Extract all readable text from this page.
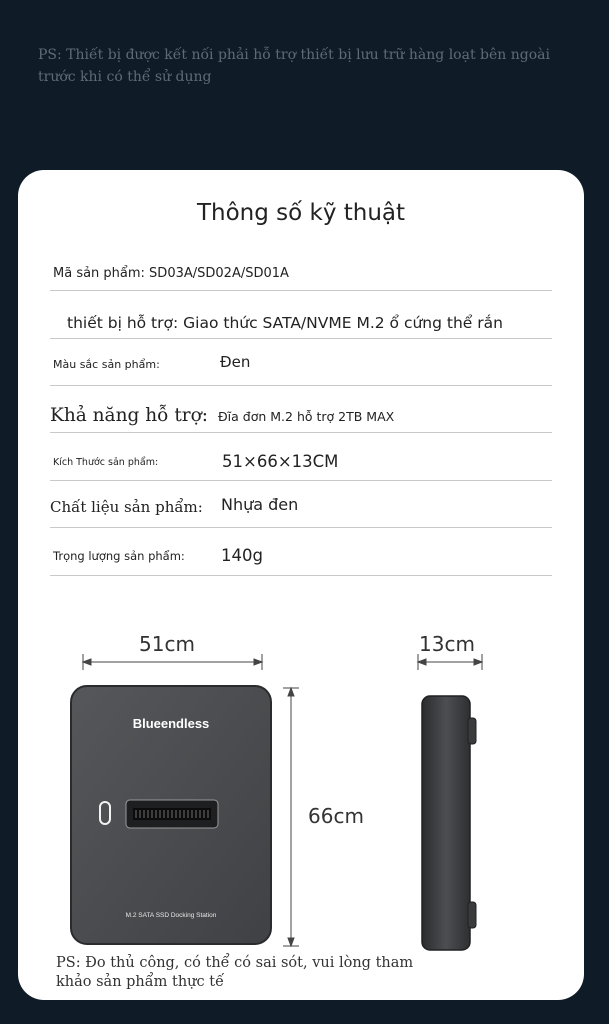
PS: Thiết bị được kết nối phải hỗ trợ thiết bị lưu trữ hàng loạt bên ngoài trước khi có thể sử dụng
Thông số kỹ thuật
Mã sản phẩm: SD03A/SD02A/SD01A
thiết bị hỗ trợ: Giao thức SATA/NVME M.2 ổ cứng thể rắn
Màu sắc sản phẩm:	Đen
Khả năng hỗ trợ: Đĩa đơn M.2 hỗ trợ 2TB MAX
Kích Thước sản phẩm:	51×66×13CM
Chất liệu sản phẩm: Nhựa đen
Trọng lượng sản phẩm: 140g
51cm	13cm
66cm
Blueendless
M.2 SATA SSD Docking Station
PS: Đo thủ công, có thể có sai sót, vui lòng tham khảo sản phẩm thực tế
